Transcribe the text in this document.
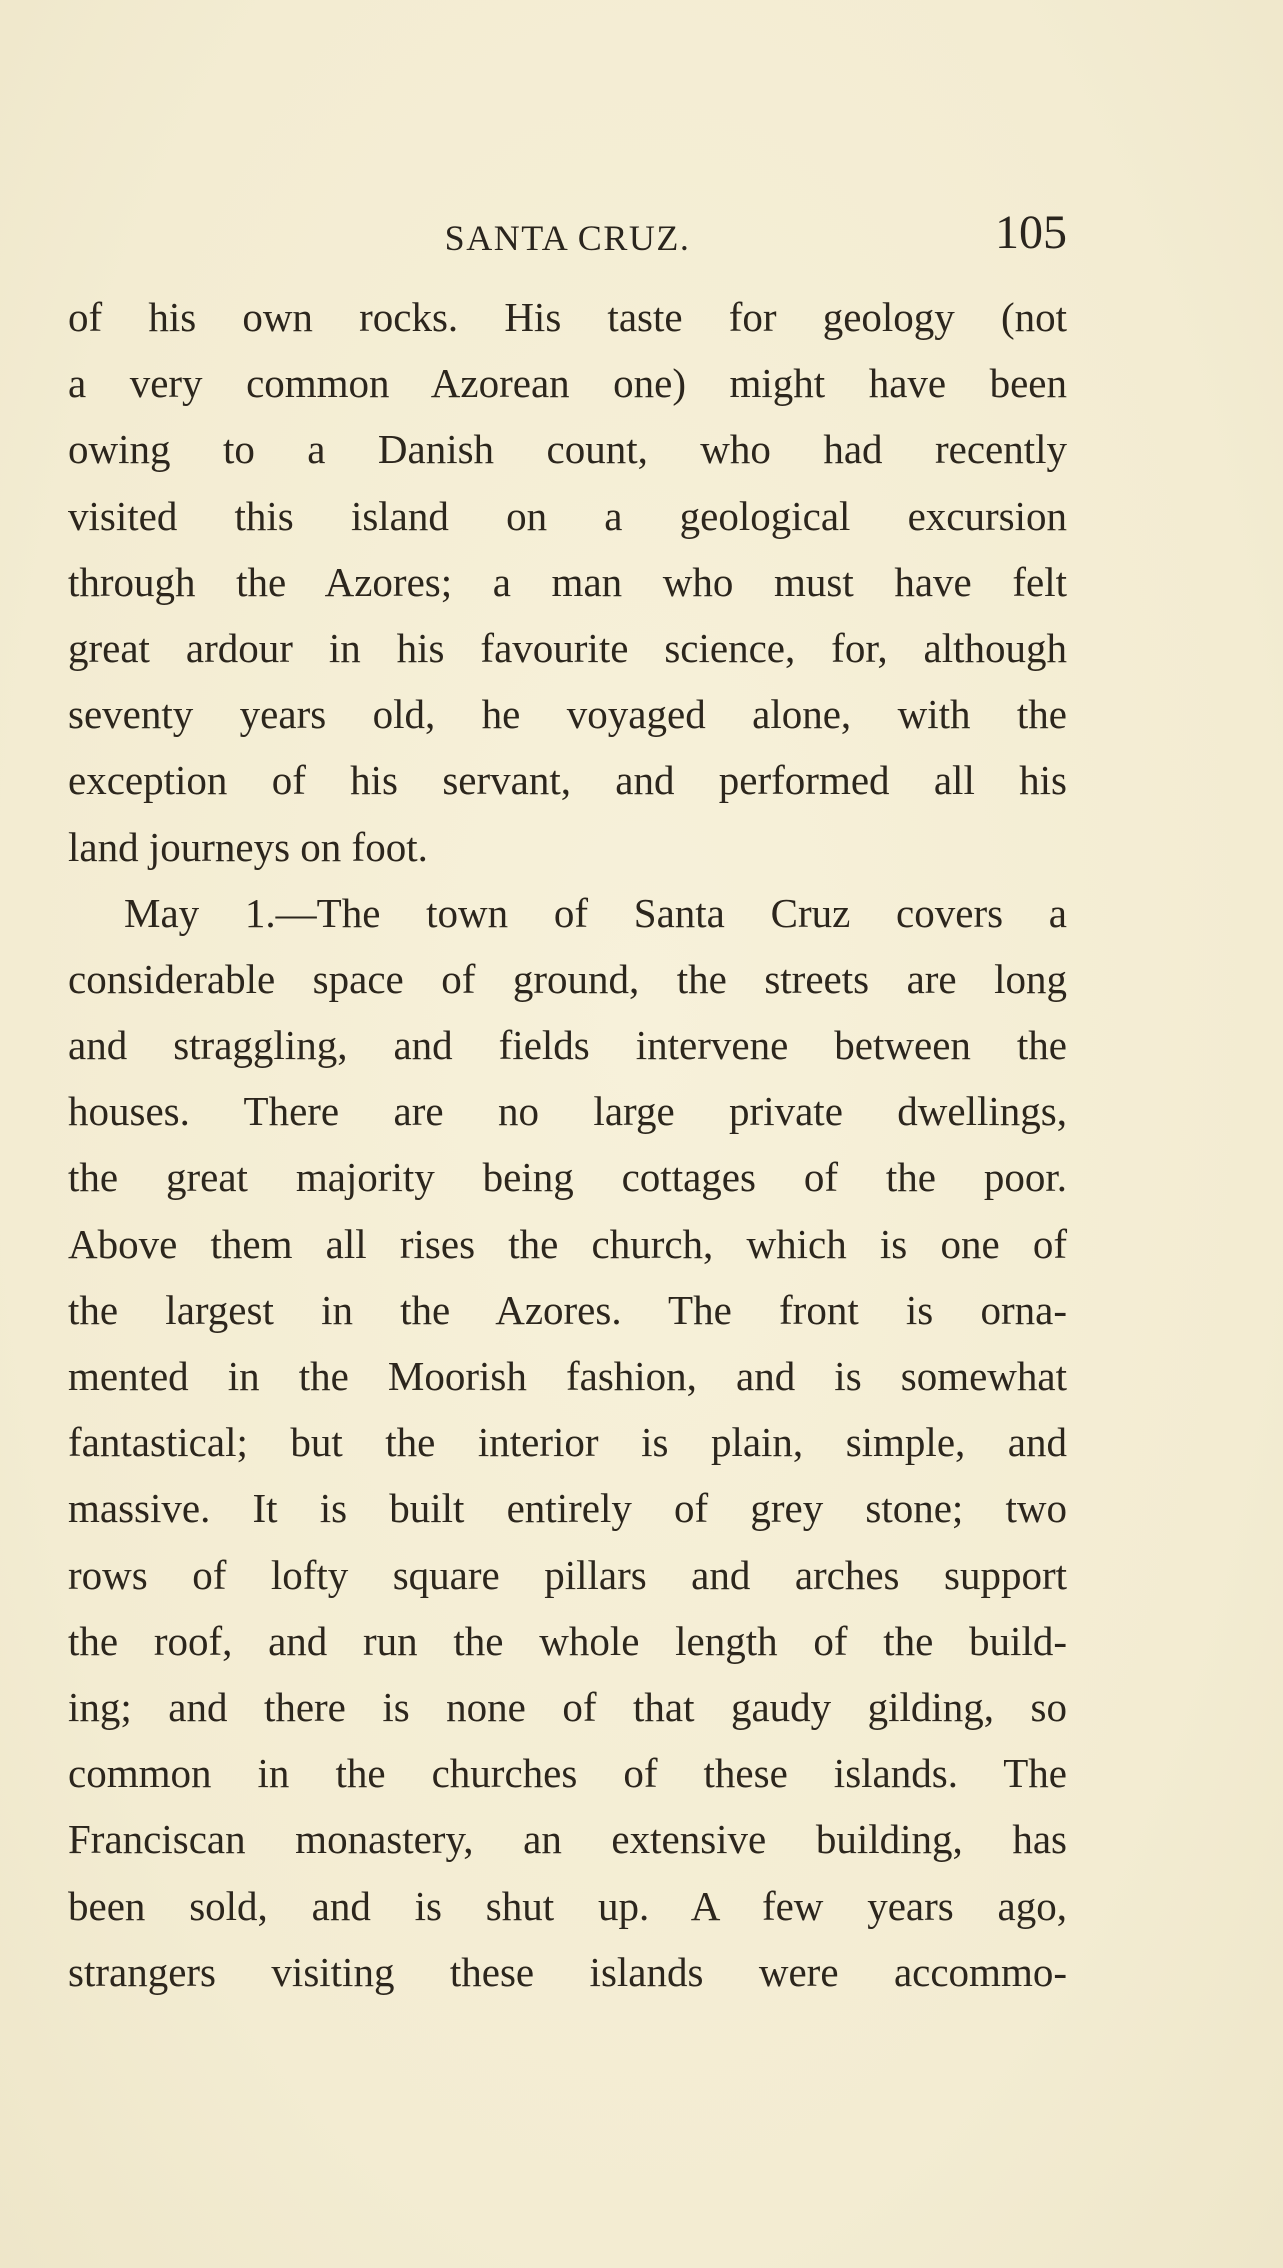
SANTA CRUZ.	105
of his own rocks. His taste for geology (not
a very common Azorean one) might have been
owing to a Danish count, who had recently
visited this island on a geological excursion
through the Azores; a man who must have felt
great ardour in his favourite science, for, although
seventy years old, he voyaged alone, with the
exception of his servant, and performed all his
land journeys on foot.
May 1.—The town of Santa Cruz covers a
considerable space of ground, the streets are long
and straggling, and fields intervene between the
houses. There are no large private dwellings,
the great majority being cottages of the poor.
Above them all rises the church, which is one of
the largest in the Azores. The front is orna-
mented in the Moorish fashion, and is somewhat
fantastical; but the interior is plain, simple, and
massive. It is built entirely of grey stone; two
rows of lofty square pillars and arches support
the roof, and run the whole length of the build-
ing; and there is none of that gaudy gilding, so
common in the churches of these islands. The
Franciscan monastery, an extensive building, has
been sold, and is shut up. A few years ago,
strangers visiting these islands were accommo-
